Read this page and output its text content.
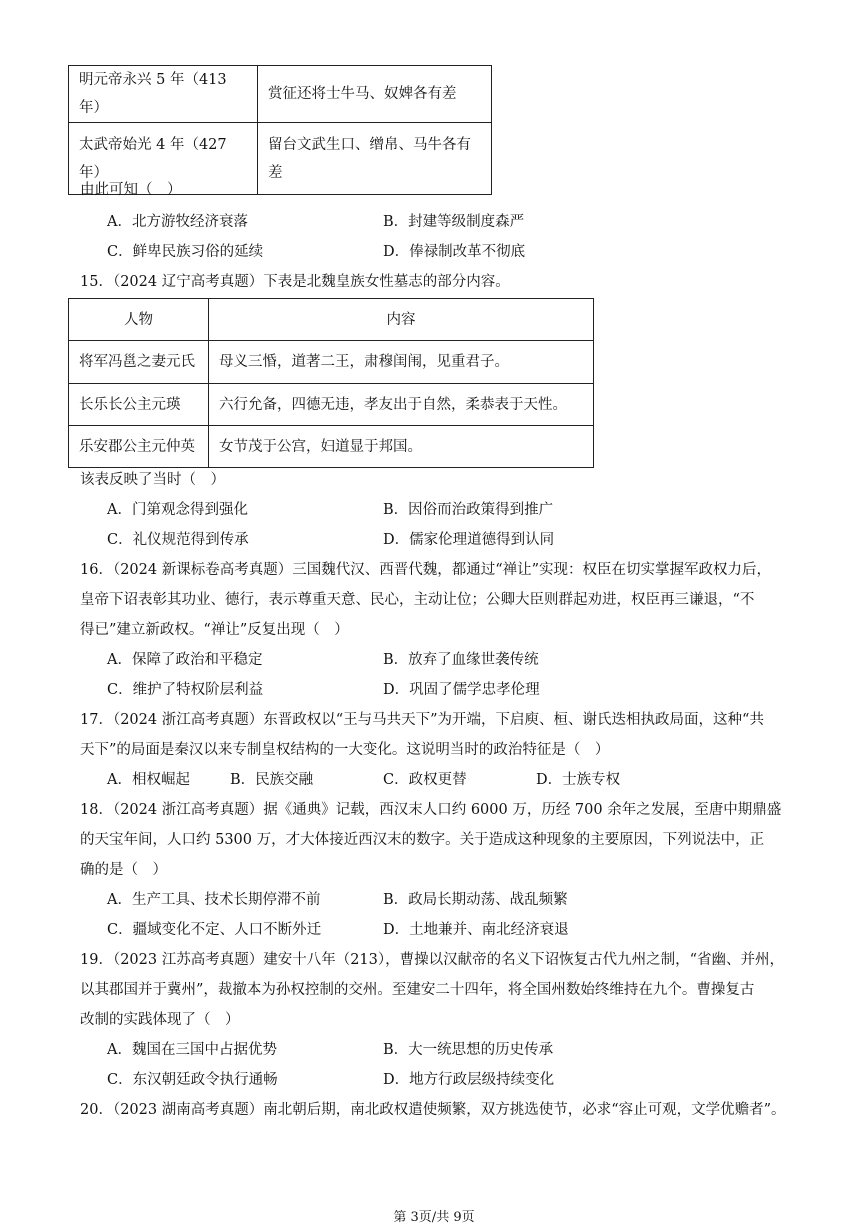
明元帝永兴 5 年（413 年）	赏征还将士牛马、奴婢各有差
太武帝始光 4 年（427 年）	留台文武生口、缯帛、马牛各有
差
由此可知（　）
A．北方游牧经济衰落	B．封建等级制度森严
C．鲜卑民族习俗的延续	D．俸禄制改革不彻底
15．（2024 辽宁高考真题）下表是北魏皇族女性墓志的部分内容。
人物	内容
将军冯邕之妻元氏	母义三惛，道著二王，肃穆闺闱，见重君子。
长乐长公主元瑛	六行允备，四德无违，孝友出于自然，柔恭表于天性。
乐安郡公主元仲英	女节茂于公宫，妇道显于邦国。
该表反映了当时（　）
A．门第观念得到强化	B．因俗而治政策得到推广
C．礼仪规范得到传承	D．儒家伦理道德得到认同
16．（2024 新课标卷高考真题）三国魏代汉、西晋代魏，都通过“禅让”实现：权臣在切实掌握军政权力后，
皇帝下诏表彰其功业、德行，表示尊重天意、民心，主动让位；公卿大臣则群起劝进，权臣再三谦退，“不
得已”建立新政权。“禅让”反复出现（　）
A．保障了政治和平稳定	B．放弃了血缘世袭传统
C．维护了特权阶层利益	D．巩固了儒学忠孝伦理
17．（2024 浙江高考真题）东晋政权以“王与马共天下”为开端，下启庾、桓、谢氏迭相执政局面，这种“共
天下”的局面是秦汉以来专制皇权结构的一大变化。这说明当时的政治特征是（　）
A．相权崛起	B．民族交融	C．政权更替	D．士族专权
18．（2024 浙江高考真题）据《通典》记载，西汉末人口约 6000 万，历经 700 余年之发展，至唐中期鼎盛
的天宝年间，人口约 5300 万，才大体接近西汉末的数字。关于造成这种现象的主要原因，下列说法中，正
确的是（　）
A．生产工具、技术长期停滞不前	B．政局长期动荡、战乱频繁
C．疆域变化不定、人口不断外迁	D．土地兼并、南北经济衰退
19．（2023 江苏高考真题）建安十八年（213），曹操以汉献帝的名义下诏恢复古代九州之制，“省幽、并州，
以其郡国并于冀州”，裁撤本为孙权控制的交州。至建安二十四年，将全国州数始终维持在九个。曹操复古
改制的实践体现了（　）
A．魏国在三国中占据优势	B．大一统思想的历史传承
C．东汉朝廷政令执行通畅	D．地方行政层级持续变化
20．（2023 湖南高考真题）南北朝后期，南北政权遣使频繁，双方挑选使节，必求“容止可观，文学优赡者”。
第 3页/共 9页
